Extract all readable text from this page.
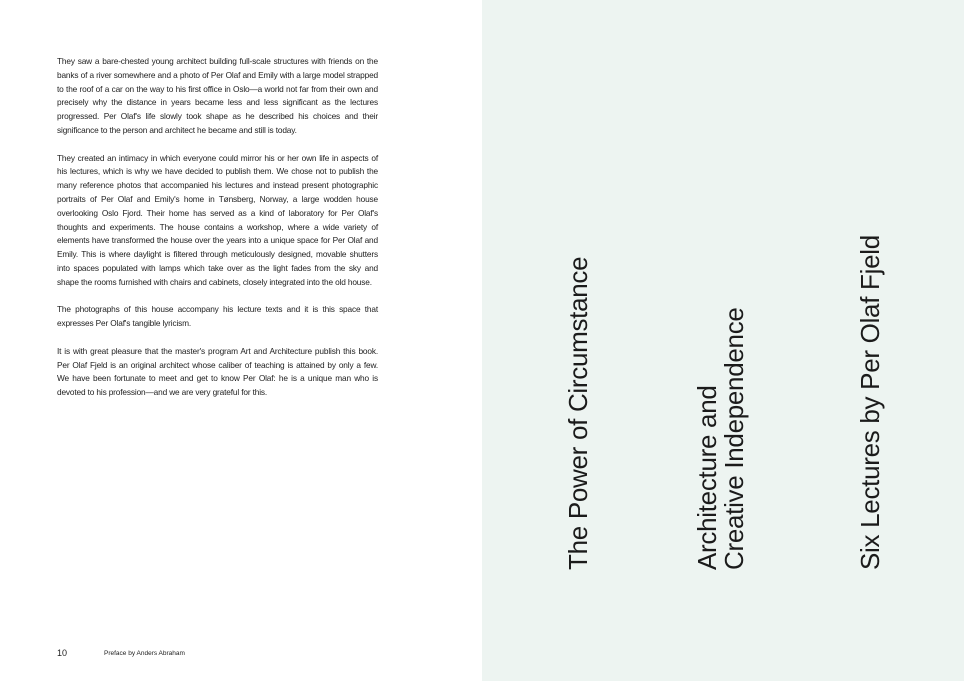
They saw a bare-chested young architect building full-scale structures with friends on the banks of a river somewhere and a photo of Per Olaf and Emily with a large model strapped to the roof of a car on the way to his first office in Oslo—a world not far from their own and precisely why the distance in years became less and less significant as the lectures progressed. Per Olaf's life slowly took shape as he described his choices and their significance to the person and architect he became and still is today.

They created an intimacy in which everyone could mirror his or her own life in aspects of his lectures, which is why we have decided to publish them. We chose not to publish the many reference photos that accompanied his lectures and instead present photographic portraits of Per Olaf and Emily's home in Tønsberg, Norway, a large wodden house overlooking Oslo Fjord. Their home has served as a kind of laboratory for Per Olaf's thoughts and experiments. The house contains a workshop, where a wide variety of elements have transformed the house over the years into a unique space for Per Olaf and Emily. This is where daylight is filtered through meticulously designed, movable shutters into spaces populated with lamps which take over as the light fades from the sky and shape the rooms furnished with chairs and cabinets, closely integrated into the old house.

The photographs of this house accompany his lecture texts and it is this space that expresses Per Olaf's tangible lyricism.

It is with great pleasure that the master's program Art and Architecture publish this book. Per Olaf Fjeld is an original architect whose caliber of teaching is attained by only a few. We have been fortunate to meet and get to know Per Olaf: he is a unique man who is devoted to his profession—and we are very grateful for this.

10	Preface by Anders Abraham
The Power of Circumstance	Architecture and
Creative Independence	Six Lectures by Per Olaf Fjeld
